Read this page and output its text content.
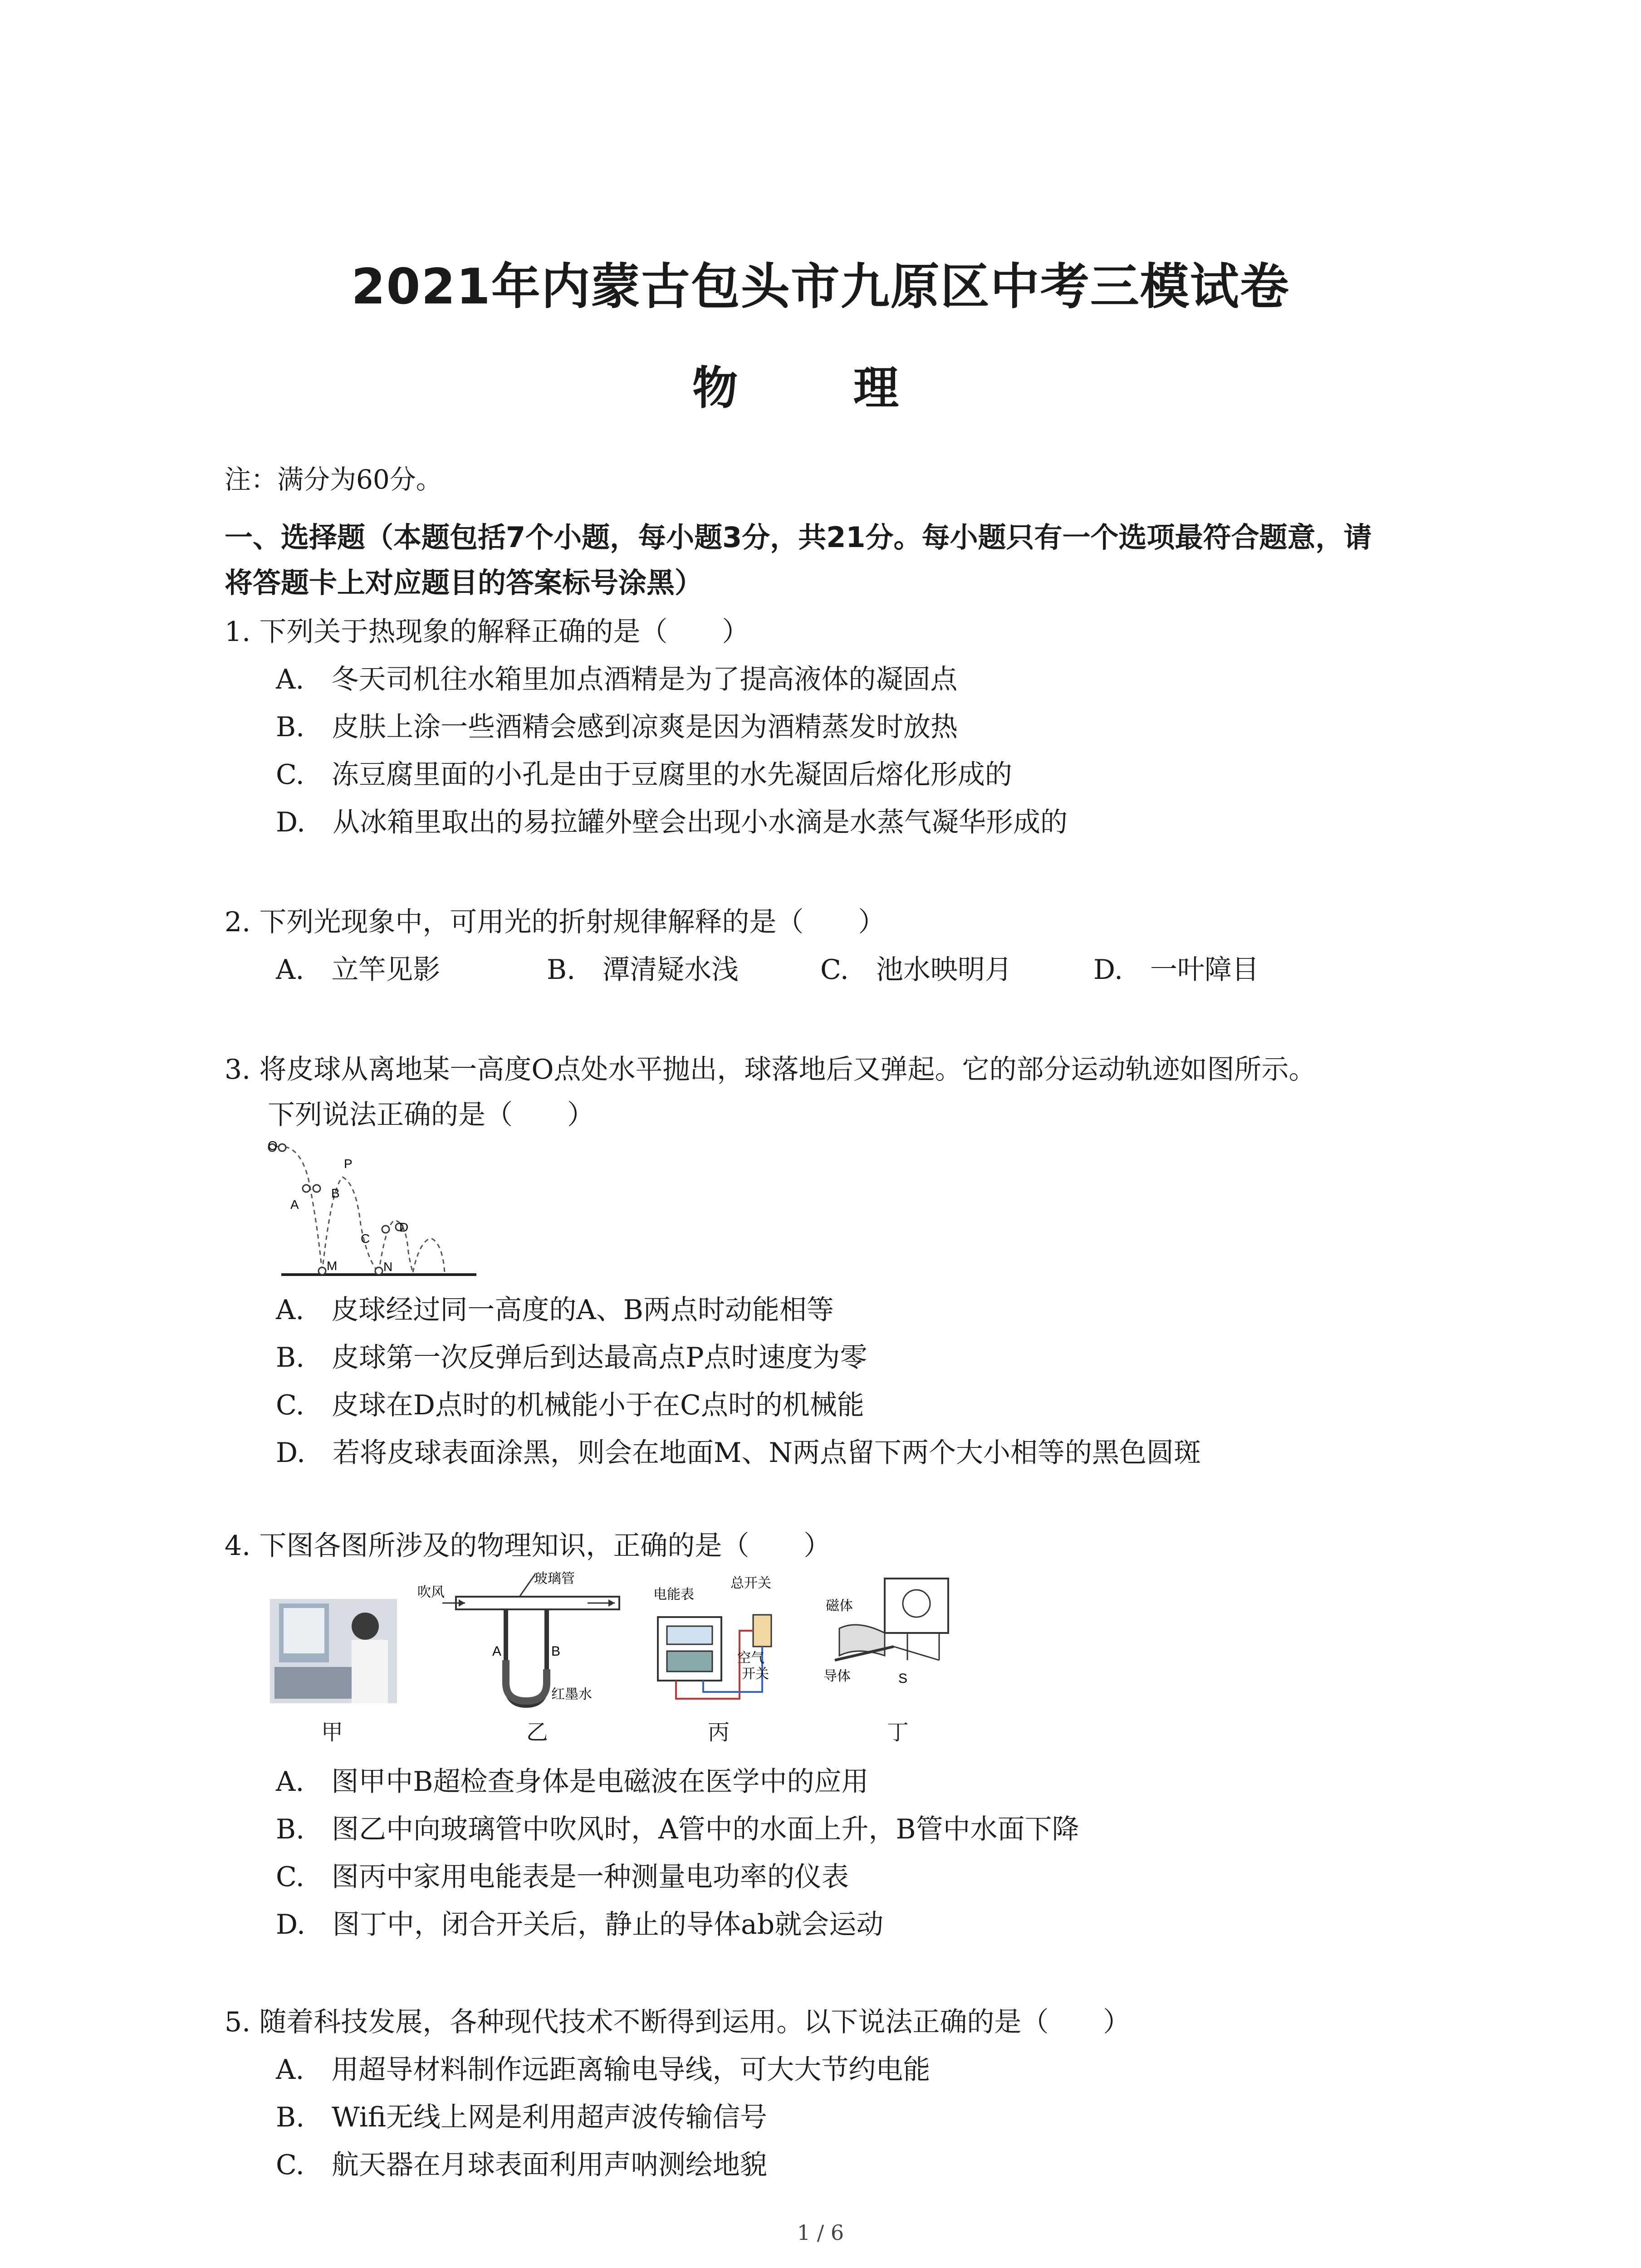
2021年内蒙古包头市九原区中考三模试卷
物 理
注：满分为60分。
一、选择题（本题包括7个小题，每小题3分，共21分。每小题只有一个选项最符合题意，请
将答题卡上对应题目的答案标号涂黑）
1. 下列关于热现象的解释正确的是（　　）
A.　冬天司机往水箱里加点酒精是为了提高液体的凝固点
B.　皮肤上涂一些酒精会感到凉爽是因为酒精蒸发时放热
C.　冻豆腐里面的小孔是由于豆腐里的水先凝固后熔化形成的
D.　从冰箱里取出的易拉罐外壁会出现小水滴是水蒸气凝华形成的
2. 下列光现象中，可用光的折射规律解释的是（　　）
A.　立竿见影	B.　潭清疑水浅	C.　池水映明月	D.　一叶障目
3. 将皮球从离地某一高度O点处水平抛出，球落地后又弹起。它的部分运动轨迹如图所示。
下列说法正确的是（　　）
O
P
A
B
C
D
M	N
A.　皮球经过同一高度的A、B两点时动能相等
B.　皮球第一次反弹后到达最高点P点时速度为零
C.　皮球在D点时的机械能小于在C点时的机械能
D.　若将皮球表面涂黑，则会在地面M、N两点留下两个大小相等的黑色圆斑
4. 下图各图所涉及的物理知识，正确的是（　　）
甲
玻璃管
吹风
A	B
红墨水
乙
电能表
总开关
空气
开关
丙
磁体
导体	S
丁
A.　图甲中B超检查身体是电磁波在医学中的应用
B.　图乙中向玻璃管中吹风时，A管中的水面上升，B管中水面下降
C.　图丙中家用电能表是一种测量电功率的仪表
D.　图丁中，闭合开关后，静止的导体ab就会运动
5. 随着科技发展，各种现代技术不断得到运用。以下说法正确的是（　　）
A.　用超导材料制作远距离输电导线，可大大节约电能
B.　Wifi无线上网是利用超声波传输信号
C.　航天器在月球表面利用声呐测绘地貌
1 / 6
